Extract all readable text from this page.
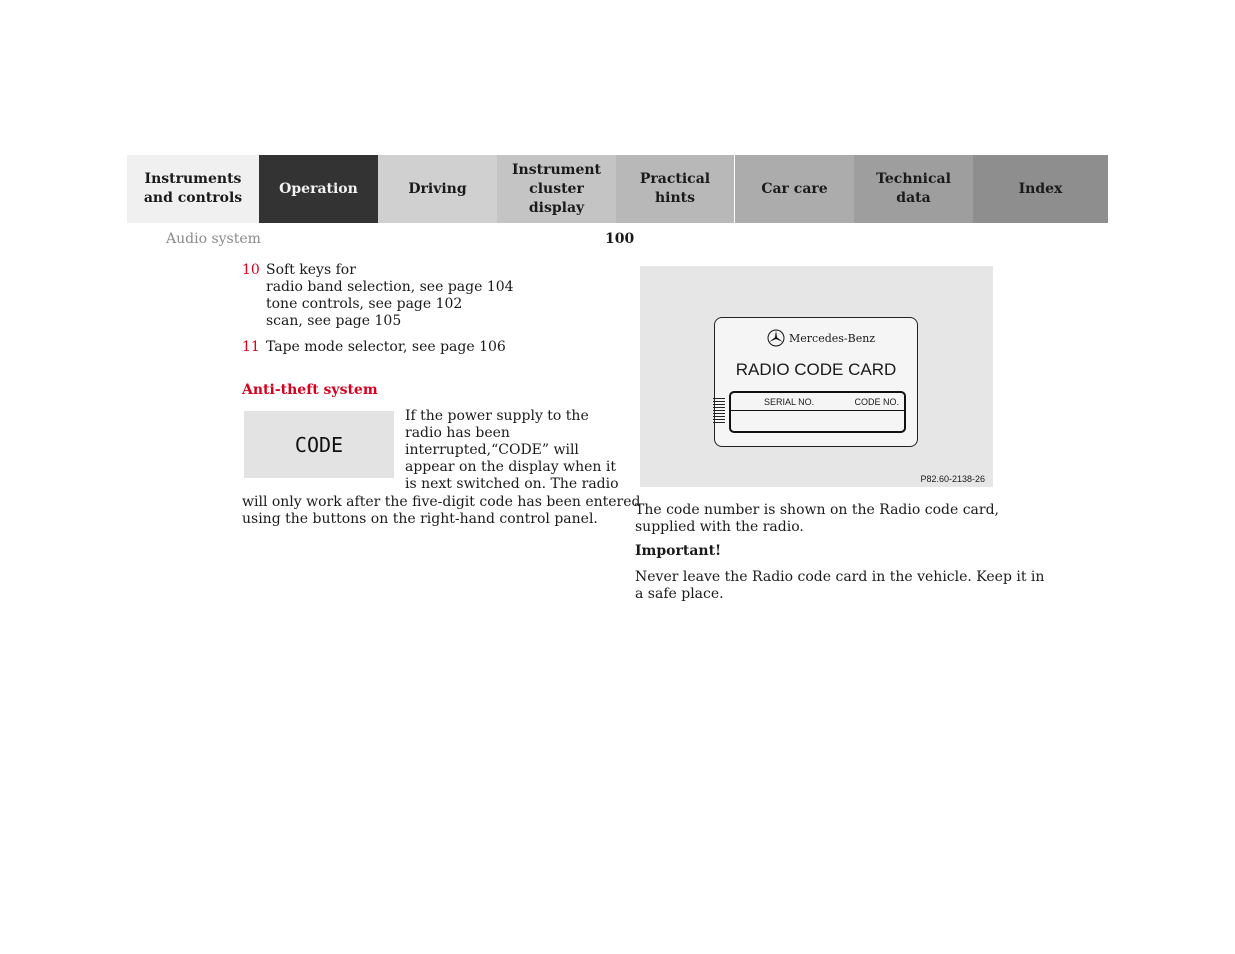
Instruments
and controls
Operation	Driving
Instrument
cluster display
Practical hints
Car care
Technical
data
Index
Audio system	100
10 Soft keys for
radio band selection, see page 104
tone controls, see page 102
scan, see page 105
11 Tape mode selector, see page 106
Anti-theft system
CODE
If the power supply to the
radio has been
interrupted,“CODE” will
appear on the display when it
is next switched on. The radio
will only work after the five-digit code has been entered
using the buttons on the right-hand control panel.
Mercedes-Benz
RADIO CODE CARD
SERIAL NO.	CODE NO.
P82.60-2138-26
The code number is shown on the Radio code card,
supplied with the radio.
Important!
Never leave the Radio code card in the vehicle. Keep it in
a safe place.
